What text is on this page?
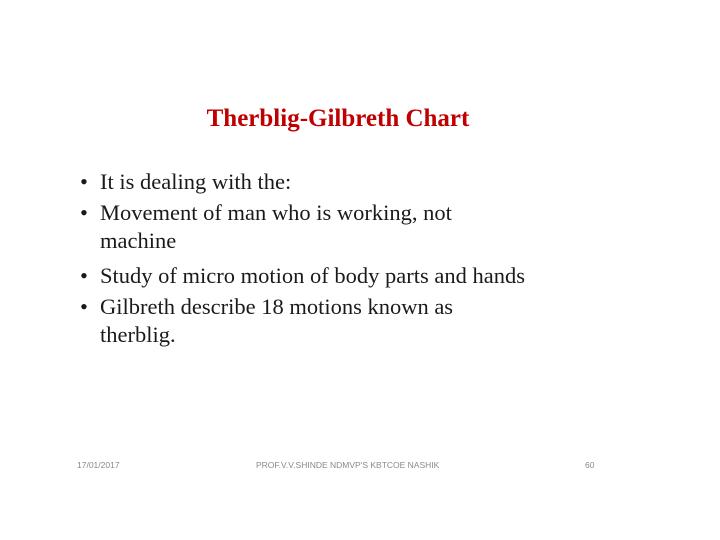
Therblig-Gilbreth Chart
• It is dealing with the:
• Movement of man who is working, not machine
• Study of micro motion of body parts and hands
• Gilbreth describe 18 motions known as therblig.
17/01/2017	PROF.V.V.SHINDE NDMVP'S KBTCOE NASHIK	60
